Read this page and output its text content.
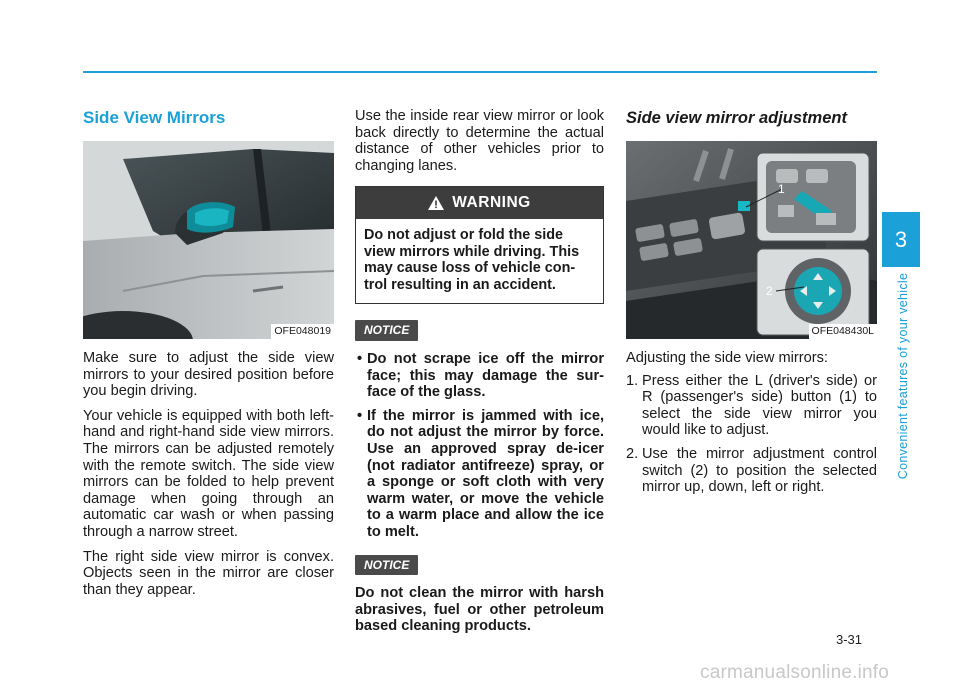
Side View Mirrors
OFE048019

Make sure to adjust the side view mirrors to your desired position before you begin driving.

Your vehicle is equipped with both left-hand and right-hand side view mirrors. The mirrors can be adjusted remotely with the remote switch. The side view mirrors can be folded to help prevent damage when going through an automatic car wash or when passing through a narrow street.

The right side view mirror is convex. Objects seen in the mirror are closer than they appear.

Use the inside rear view mirror or look back directly to determine the actual distance of other vehicles prior to changing lanes.

WARNING
Do not adjust or fold the side view mirrors while driving. This may cause loss of vehicle con-trol resulting in an accident.
NOTICE
• Do not scrape ice off the mirror face; this may damage the sur-face of the glass.
• If the mirror is jammed with ice, do not adjust the mirror by force. Use an approved spray de-icer (not radiator antifreeze) spray, or a sponge or soft cloth with very warm water, or move the vehicle to a warm place and allow the ice to melt.
NOTICE

Do not clean the mirror with harsh abrasives, fuel or other petroleum based cleaning products.

Side view mirror adjustment
1
2
OFE048430L

Adjusting the side view mirrors:

1. Press either the L (driver's side) or R (passenger's side) button (1) to select the side view mirror you would like to adjust.
2. Use the mirror adjustment control switch (2) to position the selected mirror up, down, left or right.
3
Convenient features of your vehicle
3-31
carmanualsonline.info
